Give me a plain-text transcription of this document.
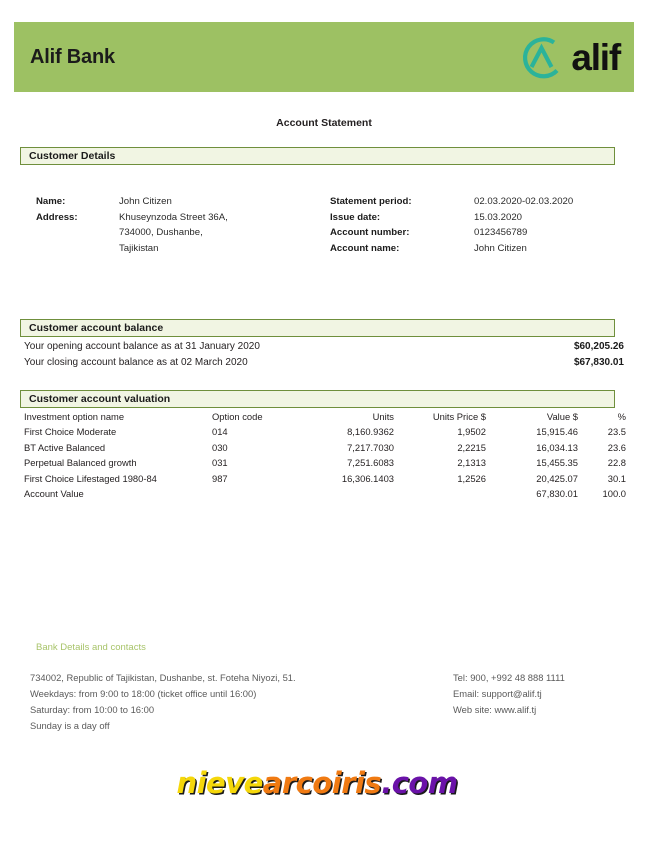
Alif Bank	alif
Account Statement
Customer Details
Name:	John Citizen
Address:	Khuseynzoda Street 36A,
734000, Dushanbe,
Tajikistan
Statement period:	02.03.2020-02.03.2020
Issue date:	15.03.2020
Account number:	0123456789
Account name:	John Citizen
Customer account balance
Your opening account balance as at 31 January 2020	$60,205.26
Your closing account balance as at 02 March 2020	$67,830.01
Customer account valuation
Investment option name	Option code	Units	Units Price $	Value $	%
First Choice Moderate	014	8,160.9362	1,9502	15,915.46	23.5
BT Active Balanced	030	7,217.7030	2,2215	16,034.13	23.6
Perpetual Balanced growth	031	7,251.6083	2,1313	15,455.35	22.8
First Choice Lifestaged 1980-84	987	16,306.1403	1,2526	20,425.07	30.1
Account Value				67,830.01	100.0
Bank Details and contacts
734002, Republic of Tajikistan, Dushanbe, st. Foteha Niyozi, 51.
Weekdays: from 9:00 to 18:00 (ticket office until 16:00)
Saturday: from 10:00 to 16:00
Sunday is a day off
Tel: 900, +992 48 888 1111
Email: support@alif.tj
Web site: www.alif.tj
nievearcoiris.com
